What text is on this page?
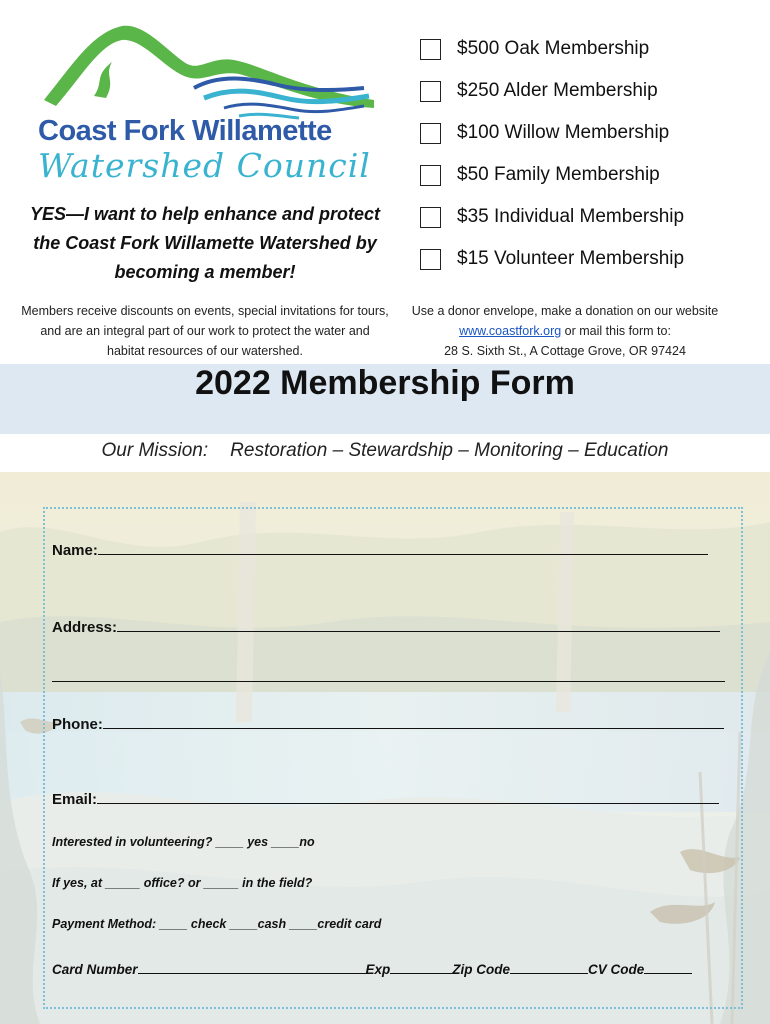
Coast Fork Willamette
Watershed Council
YES—I want to help enhance and protect the Coast Fork Willamette Watershed by becoming a member!
Members receive discounts on events, special invitations for tours, and are an integral part of our work to protect the water and habitat resources of our watershed.
$500 Oak Membership
$250 Alder Membership
$100 Willow Membership
$50 Family Membership
$35 Individual Membership
$15 Volunteer Membership
Use a donor envelope, make a donation on our website www.coastfork.org or mail this form to:
28 S. Sixth St., A Cottage Grove, OR 97424
2022 Membership Form
Our Mission: Restoration – Stewardship – Monitoring – Education
Name:
Address:
Phone:
Email:
Interested in volunteering? ____ yes ____no
If yes, at _____ office? or _____ in the field?
Payment Method: ____ check ____cash ____credit card
Card Number	Exp	Zip Code	CV Code
